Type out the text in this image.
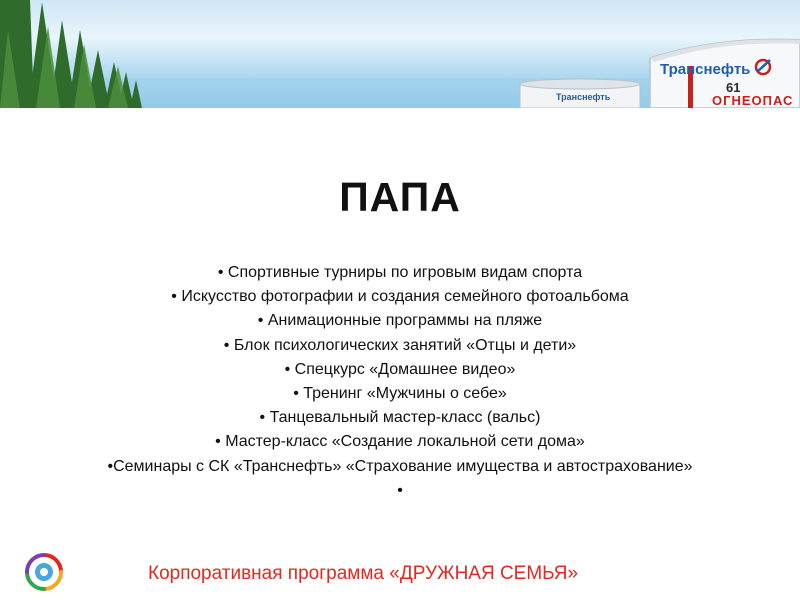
Транснефть
Транснефть
61
ОГНЕОПАС
ПАПА
• Спортивные турниры по игровым видам спорта
• Искусство фотографии и создания семейного фотоальбома
• Анимационные программы на пляже
• Блок психологических занятий «Отцы и дети»
• Спецкурс «Домашнее видео»
• Тренинг «Мужчины о себе»
• Танцевальный мастер-класс (вальс)
• Мастер-класс «Создание локальной сети дома»
•Семинары с СК «Транснефть» «Страхование имущества и автострахование»
•
Корпоративная программа «ДРУЖНАЯ СЕМЬЯ»
